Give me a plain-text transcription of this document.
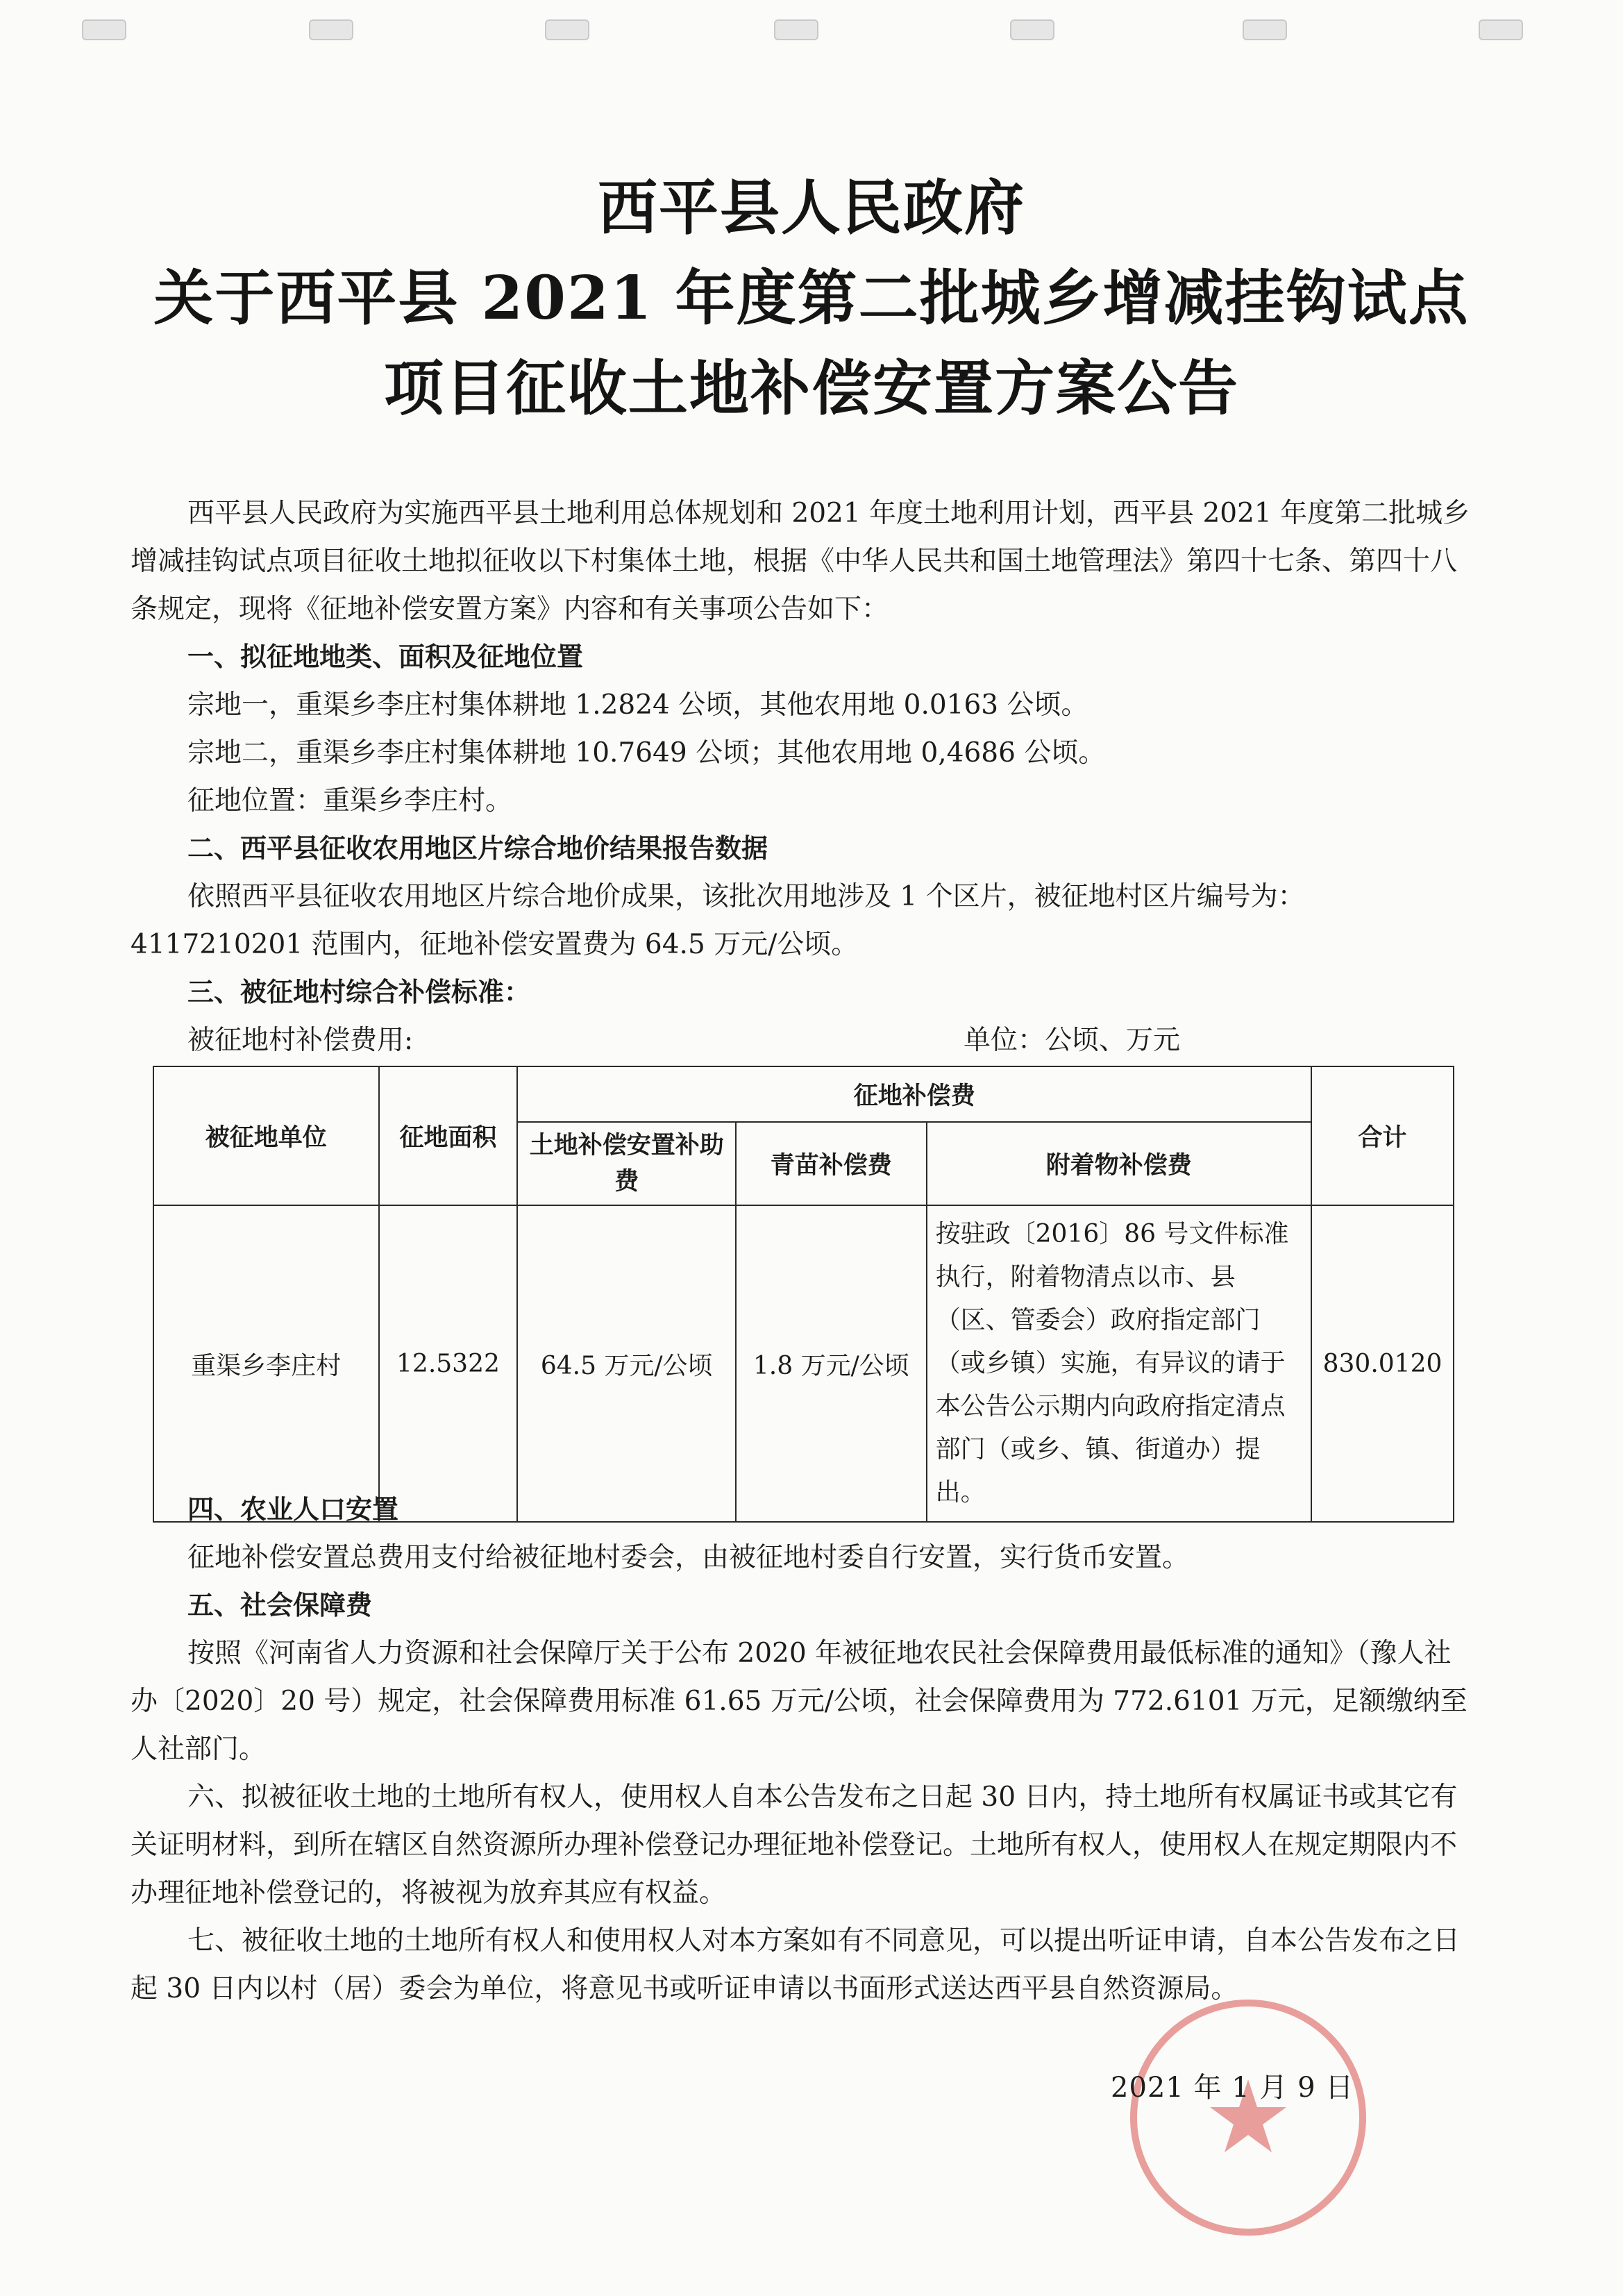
西平县人民政府
关于西平县 2021 年度第二批城乡增减挂钩试点
项目征收土地补偿安置方案公告

西平县人民政府为实施西平县土地利用总体规划和 2021 年度土地利用计划，西平县 2021 年度第二批城乡增减挂钩试点项目征收土地拟征收以下村集体土地，根据《中华人民共和国土地管理法》第四十七条、第四十八条规定，现将《征地补偿安置方案》内容和有关事项公告如下：

一、拟征地地类、面积及征地位置

宗地一，重渠乡李庄村集体耕地 1.2824 公顷，其他农用地 0.0163 公顷。

宗地二，重渠乡李庄村集体耕地 10.7649 公顷；其他农用地 0,4686 公顷。

征地位置：重渠乡李庄村。

二、西平县征收农用地区片综合地价结果报告数据

依照西平县征收农用地区片综合地价成果，该批次用地涉及 1 个区片，被征地村区片编号为：4117210201 范围内，征地补偿安置费为 64.5 万元/公顷。

三、被征地村综合补偿标准：

被征地村补偿费用:	单位：公顷、万元
被征地单位	征地面积	征地补偿费			合计
		土地补偿安置补助费	青苗补偿费	附着物补偿费	
重渠乡李庄村	12.5322	64.5 万元/公顷	1.8 万元/公顷	按驻政〔2016〕86 号文件标准执行，附着物清点以市、县（区、管委会）政府指定部门（或乡镇）实施，有异议的请于本公告公示期内向政府指定清点部门（或乡、镇、街道办）提出。	830.0120

四、农业人口安置

征地补偿安置总费用支付给被征地村委会，由被征地村委自行安置，实行货币安置。

五、社会保障费

按照《河南省人力资源和社会保障厅关于公布 2020 年被征地农民社会保障费用最低标准的通知》（豫人社办〔2020〕20 号）规定，社会保障费用标准 61.65 万元/公顷，社会保障费用为 772.6101 万元，足额缴纳至人社部门。

六、拟被征收土地的土地所有权人，使用权人自本公告发布之日起 30 日内，持土地所有权属证书或其它有关证明材料，到所在辖区自然资源所办理补偿登记办理征地补偿登记。土地所有权人，使用权人在规定期限内不办理征地补偿登记的，将被视为放弃其应有权益。

七、被征收土地的土地所有权人和使用权人对本方案如有不同意见，可以提出听证申请，自本公告发布之日起 30 日内以村（居）委会为单位，将意见书或听证申请以书面形式送达西平县自然资源局。

2021 年 1 月 9 日
